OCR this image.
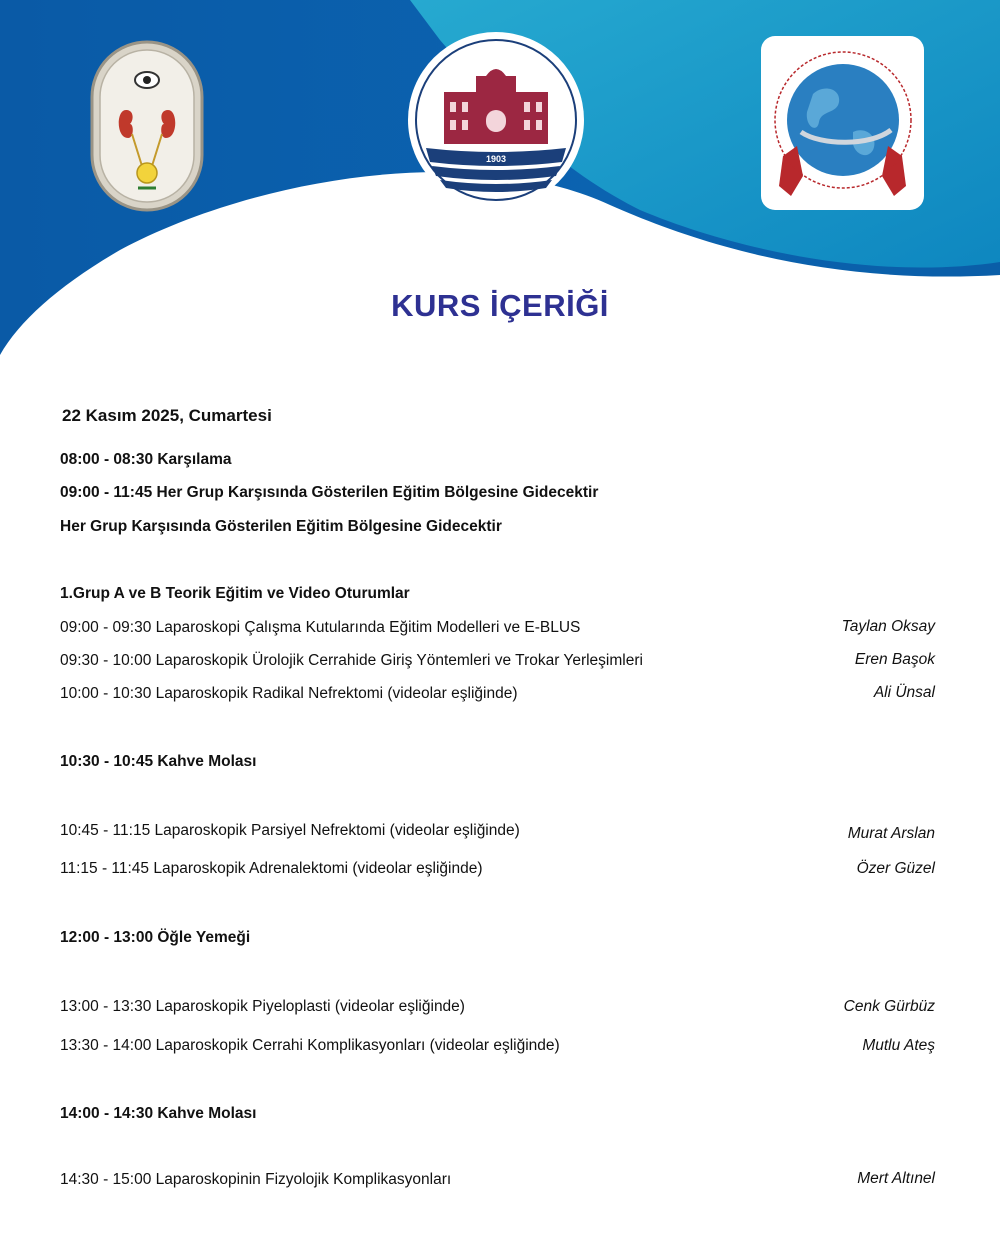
1903
KURS İÇERİĞİ
22 Kasım 2025, Cumartesi
08:00 - 08:30 Karşılama
09:00 - 11:45 Her Grup Karşısında Gösterilen Eğitim Bölgesine Gidecektir
Her Grup Karşısında Gösterilen Eğitim Bölgesine Gidecektir
1.Grup A ve B Teorik Eğitim ve Video Oturumlar
09:00 - 09:30 Laparoskopi Çalışma Kutularında Eğitim Modelleri ve E-BLUS	Taylan Oksay
09:30 - 10:00 Laparoskopik Ürolojik Cerrahide Giriş Yöntemleri ve Trokar Yerleşimleri	Eren Başok
10:00 - 10:30 Laparoskopik Radikal Nefrektomi (videolar eşliğinde)	Ali Ünsal
10:30 - 10:45 Kahve Molası
10:45 - 11:15 Laparoskopik Parsiyel Nefrektomi (videolar eşliğinde)	Murat Arslan
11:15 - 11:45 Laparoskopik Adrenalektomi (videolar eşliğinde)	Özer Güzel
12:00 - 13:00 Öğle Yemeği
13:00 - 13:30 Laparoskopik Piyeloplasti (videolar eşliğinde)	Cenk Gürbüz
13:30 - 14:00 Laparoskopik Cerrahi Komplikasyonları (videolar eşliğinde)	Mutlu Ateş
14:00 - 14:30 Kahve Molası
14:30 - 15:00 Laparoskopinin Fizyolojik Komplikasyonları	Mert Altınel
